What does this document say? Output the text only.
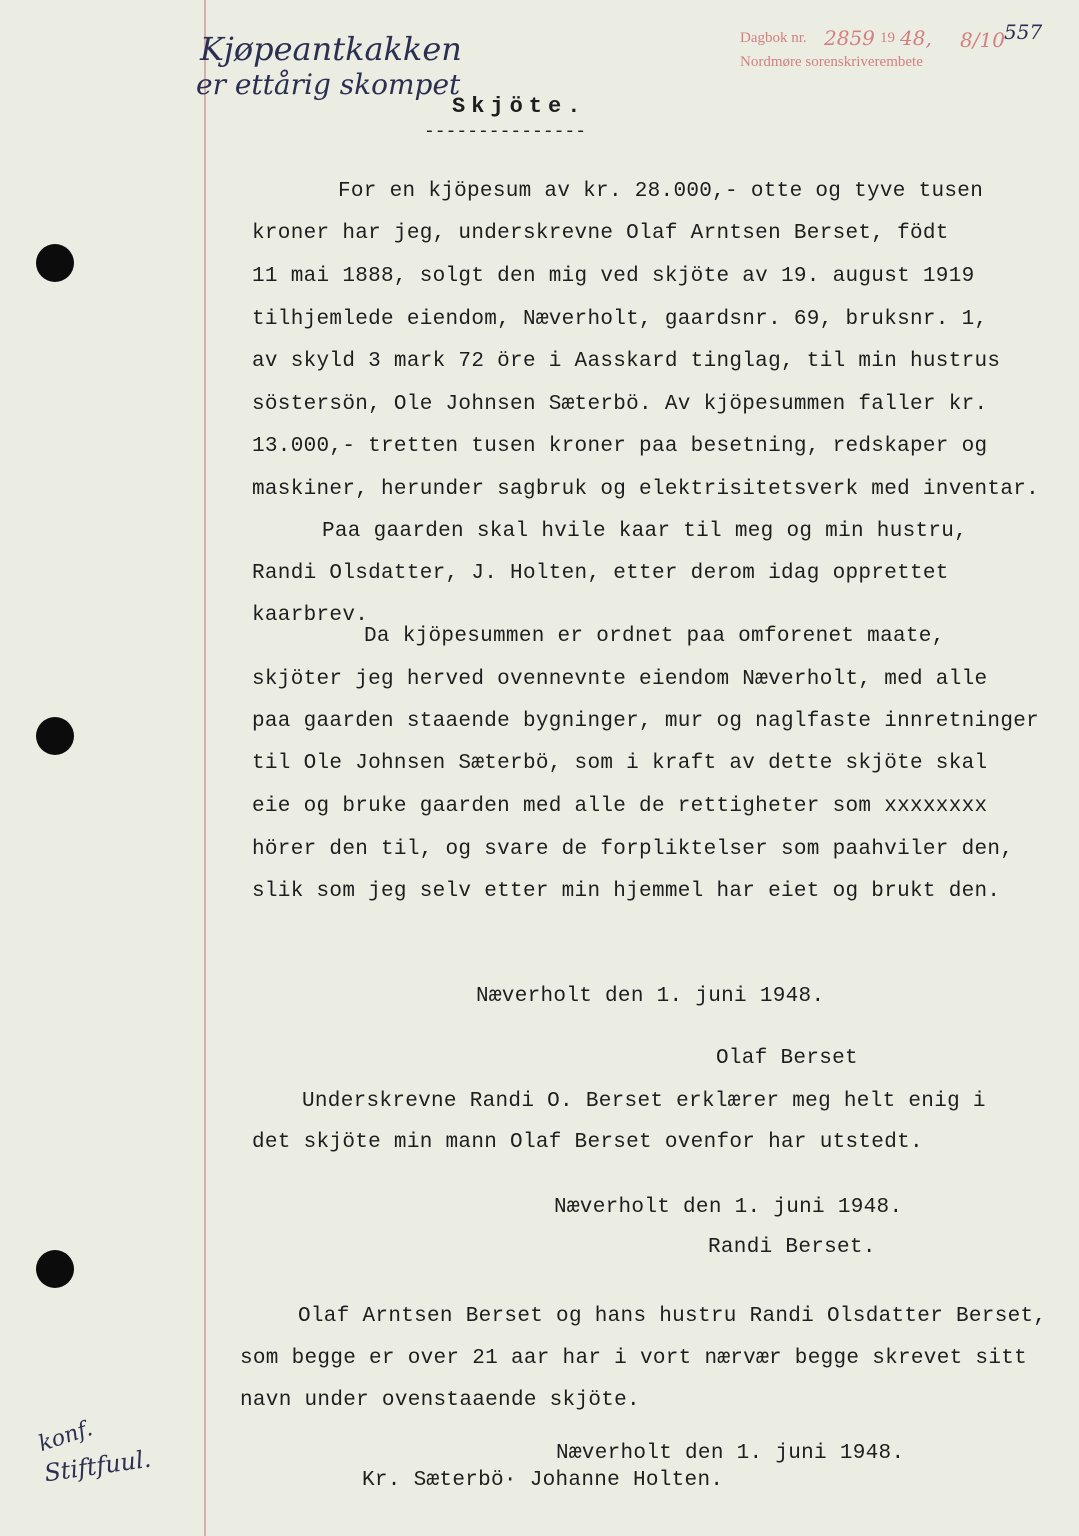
Kjøpeantkakken
er ettårig skompet
Dagbok nr. 2859 19 48, 8/10
Nordmøre sorenskriverembete
557
Skjöte.
---------------
For en kjöpesum av kr. 28.000,- otte og tyve tusen
kroner har jeg, underskrevne Olaf Arntsen Berset, födt
11 mai 1888, solgt den mig ved skjöte av 19. august 1919
tilhjemlede eiendom, Næverholt, gaardsnr. 69, bruksnr. 1,
av skyld 3 mark 72 öre i Aasskard tinglag, til min hustrus
söstersön, Ole Johnsen Sæterbö. Av kjöpesummen faller kr.
13.000,- tretten tusen kroner paa besetning, redskaper og
maskiner, herunder sagbruk og elektrisitetsverk med inventar.
Paa gaarden skal hvile kaar til meg og min hustru,
Randi Olsdatter, J. Holten, etter derom idag opprettet
kaarbrev.
Da kjöpesummen er ordnet paa omforenet maate,
skjöter jeg herved ovennevnte eiendom Næverholt, med alle
paa gaarden staaende bygninger, mur og naglfaste innretninger
til Ole Johnsen Sæterbö, som i kraft av dette skjöte skal
eie og bruke gaarden med alle de rettigheter som xxxxxxxx
hörer den til, og svare de forpliktelser som paahviler den,
slik som jeg selv etter min hjemmel har eiet og brukt den.
Næverholt den 1. juni 1948.
Olaf Berset
Underskrevne Randi O. Berset erklærer meg helt enig i
det skjöte min mann Olaf Berset ovenfor har utstedt.
Næverholt den 1. juni 1948.
Randi Berset.
Olaf Arntsen Berset og hans hustru Randi Olsdatter Berset,
som begge er over 21 aar har i vort nærvær begge skrevet sitt
navn under ovenstaaende skjöte.
Næverholt den 1. juni 1948.
Kr. Sæterbö· Johanne Holten.
konf.
Stiftfuul.
